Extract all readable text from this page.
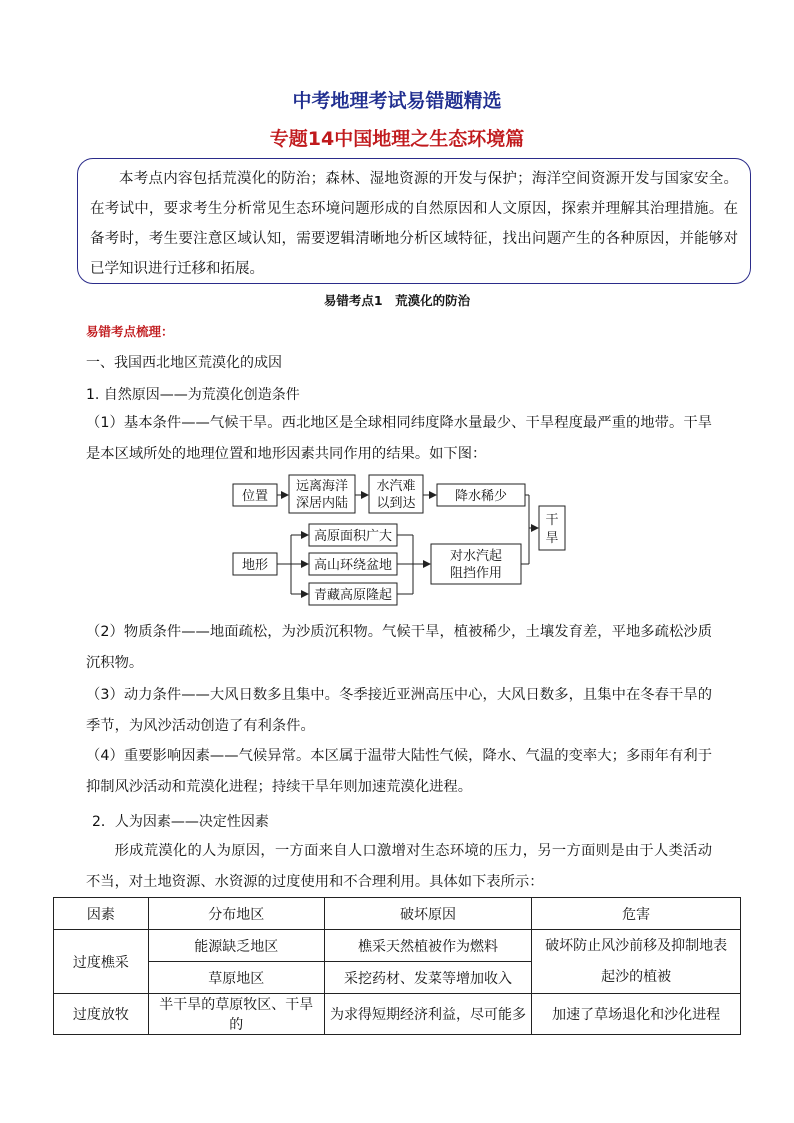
中考地理考试易错题精选
专题14中国地理之生态环境篇

本考点内容包括荒漠化的防治；森林、湿地资源的开发与保护；海洋空间资源开发与国家安全。在考试中，要求考生分析常见生态环境问题形成的自然原因和人文原因，探索并理解其治理措施。在备考时，考生要注意区域认知，需要逻辑清晰地分析区域特征，找出问题产生的各种原因，并能够对已学知识进行迁移和拓展。

易错考点1　荒漠化的防治
易错考点梳理：
一、我国西北地区荒漠化的成因
1. 自然原因——为荒漠化创造条件

（1）基本条件——气候干旱。西北地区是全球相同纬度降水量最少、干旱程度最严重的地带。干旱是本区域所处的地理位置和地形因素共同作用的结果。如下图：

位置
远离海洋
深居内陆
水汽难
以到达	降水稀少
干
旱
地形
高原面积广大
高山环绕盆地
青藏高原隆起
对水汽起
阻挡作用

（2）物质条件——地面疏松，为沙质沉积物。气候干旱，植被稀少，土壤发育差，平地多疏松沙质沉积物。

（3）动力条件——大风日数多且集中。冬季接近亚洲高压中心，大风日数多，且集中在冬春干旱的季节，为风沙活动创造了有利条件。

（4）重要影响因素——气候异常。本区属于温带大陆性气候，降水、气温的变率大；多雨年有利于抑制风沙活动和荒漠化进程；持续干旱年则加速荒漠化进程。

2．人为因素——决定性因素

形成荒漠化的人为原因，一方面来自人口激增对生态环境的压力，另一方面则是由于人类活动不当，对土地资源、水资源的过度使用和不合理利用。具体如下表所示：

因素	分布地区	破坏原因	危害
过度樵采	能源缺乏地区	樵采天然植被作为燃料	破坏防止风沙前移及抑制地表
起沙的植被

	草原地区	采挖药材、发菜等增加收入	
过度放牧	半干旱的草原牧区、干旱的	为求得短期经济利益，尽可能多	加速了草场退化和沙化进程
